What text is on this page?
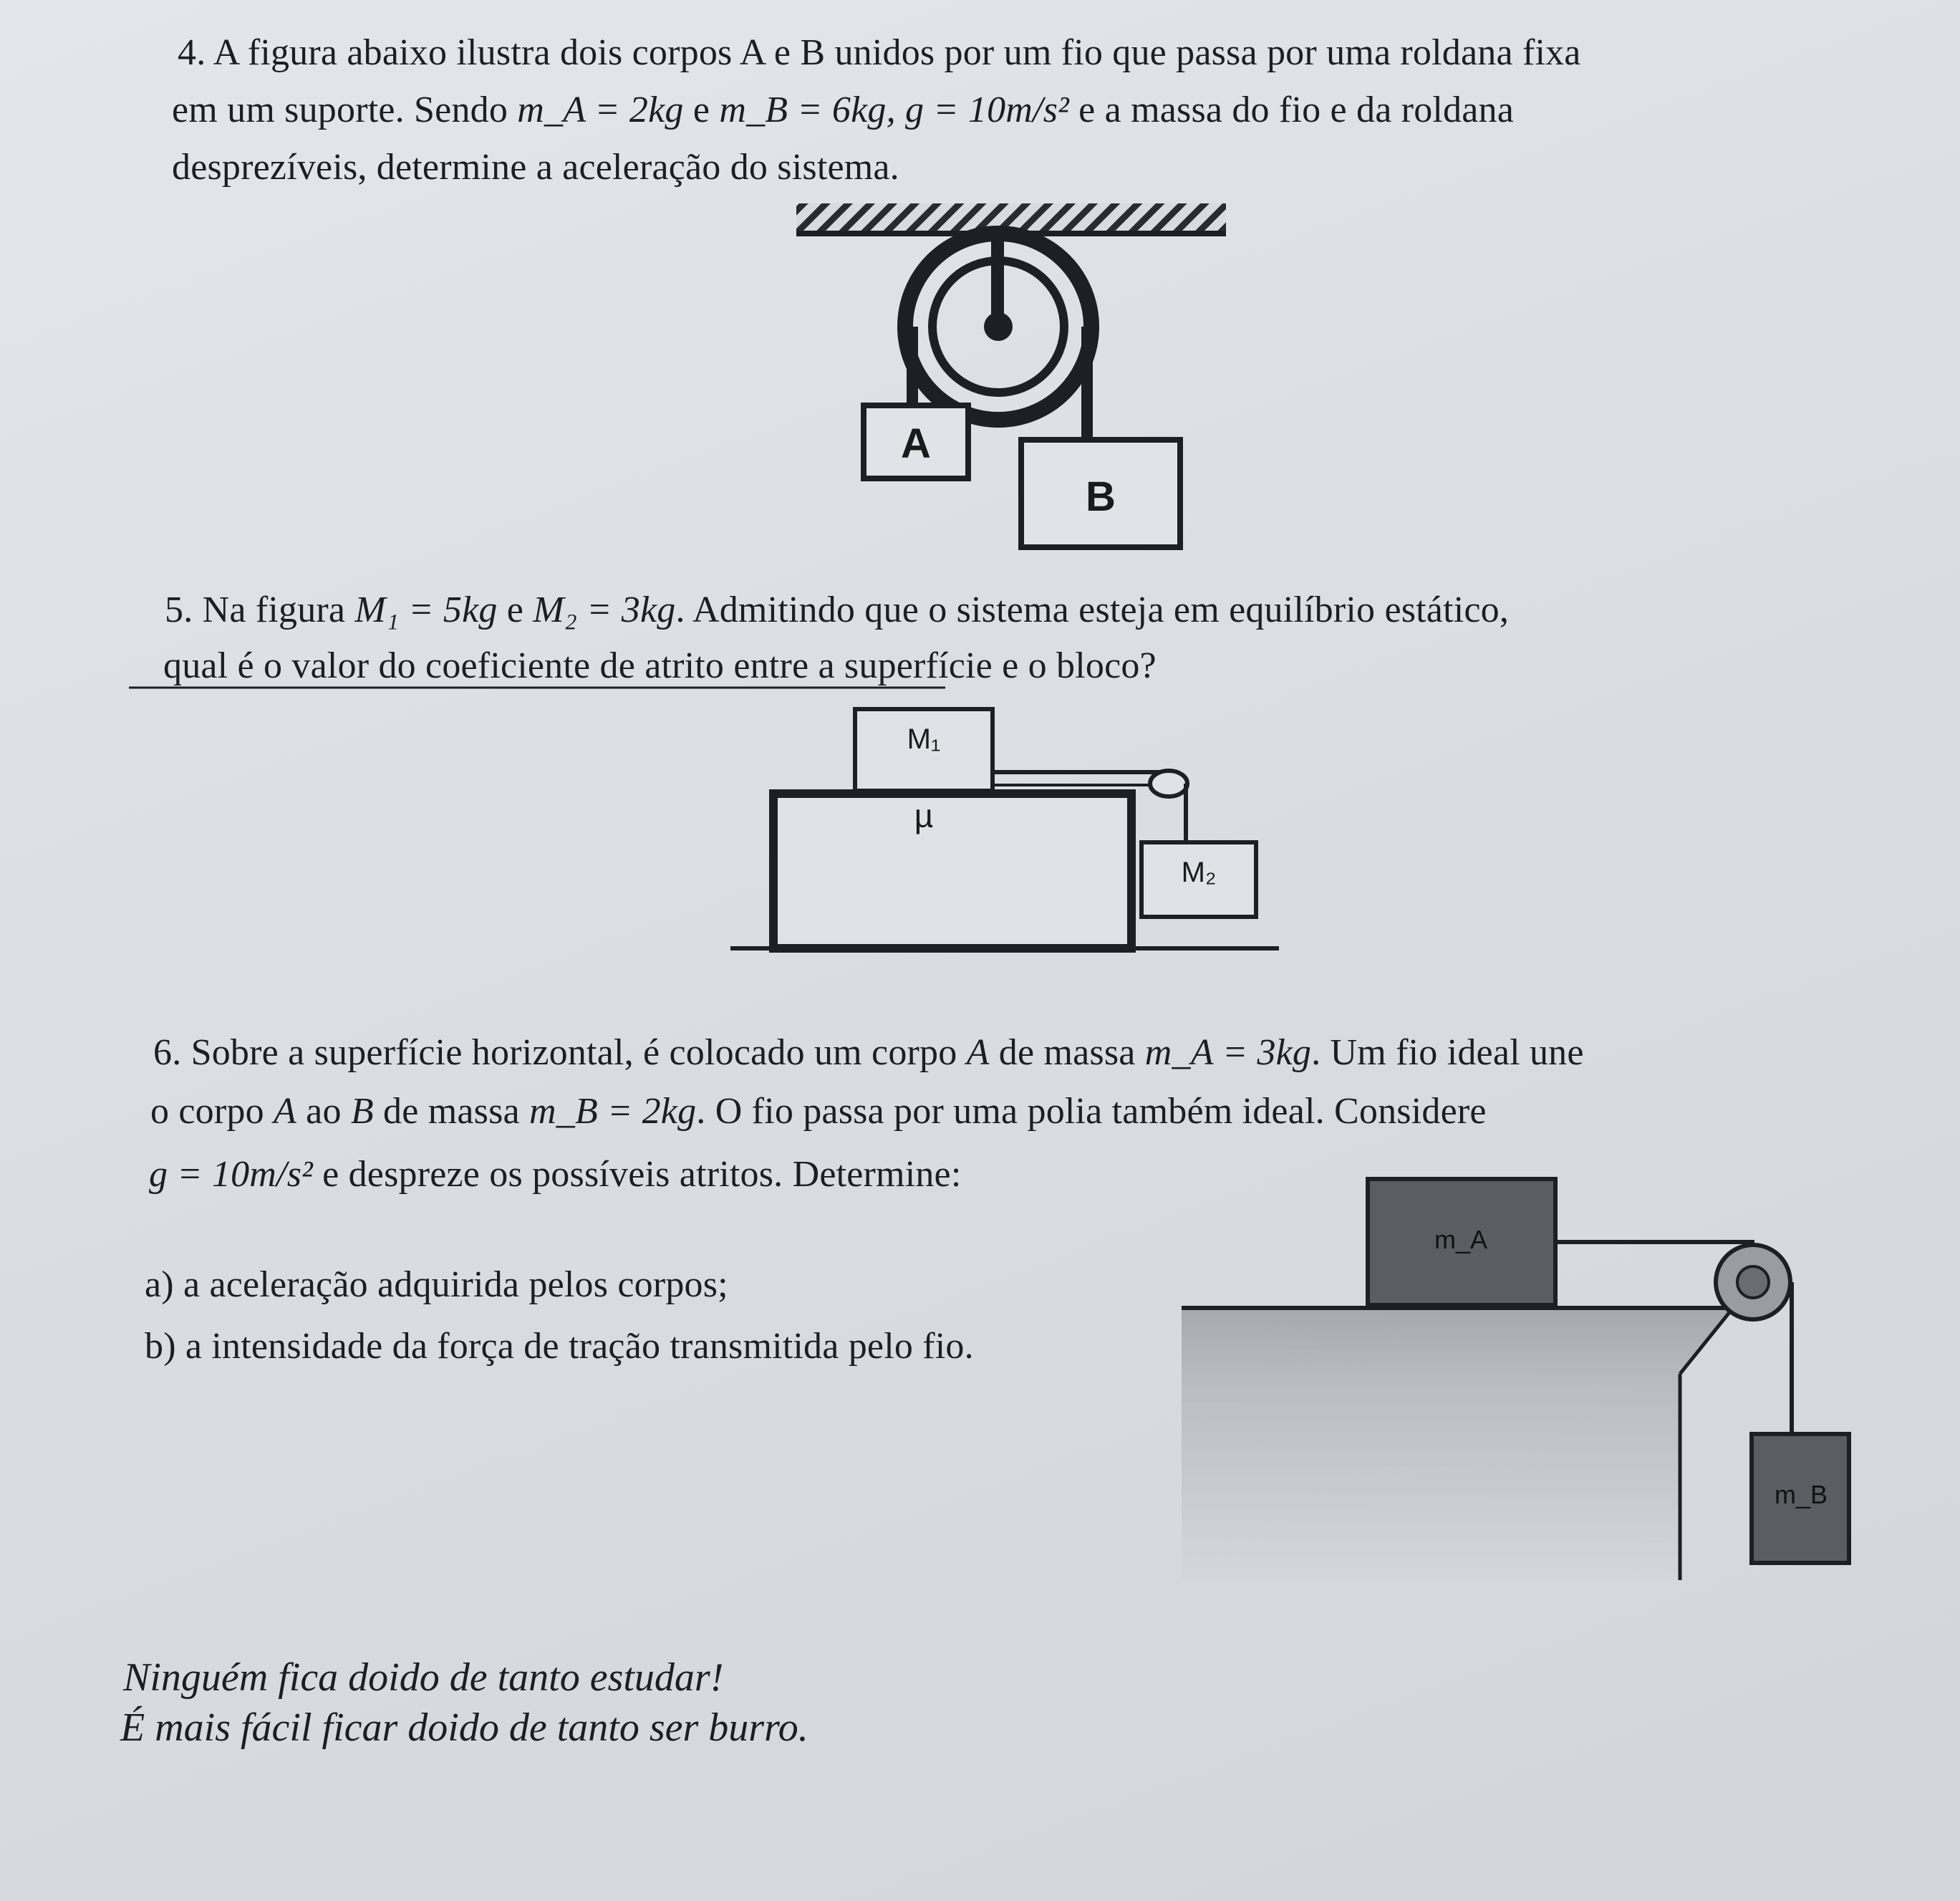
4. A figura abaixo ilustra dois corpos A e B unidos por um fio que passa por uma roldana fixa
em um suporte. Sendo m_A = 2kg e m_B = 6kg, g = 10m/s² e a massa do fio e da roldana
desprezíveis, determine a aceleração do sistema.
5. Na figura M₁ = 5kg e M₂ = 3kg. Admitindo que o sistema esteja em equilíbrio estático,
qual é o valor do coeficiente de atrito entre a superfície e o bloco?
6. Sobre a superfície horizontal, é colocado um corpo A de massa m_A = 3kg. Um fio ideal une
o corpo A ao B de massa m_B = 2kg. O fio passa por uma polia também ideal. Considere
g = 10m/s² e despreze os possíveis atritos. Determine:
a) a aceleração adquirida pelos corpos;
b) a intensidade da força de tração transmitida pelo fio.
A
B
M₁
µ
M₂
m_A
m_B
Ninguém fica doido de tanto estudar!
É mais fácil ficar doido de tanto ser burro.
